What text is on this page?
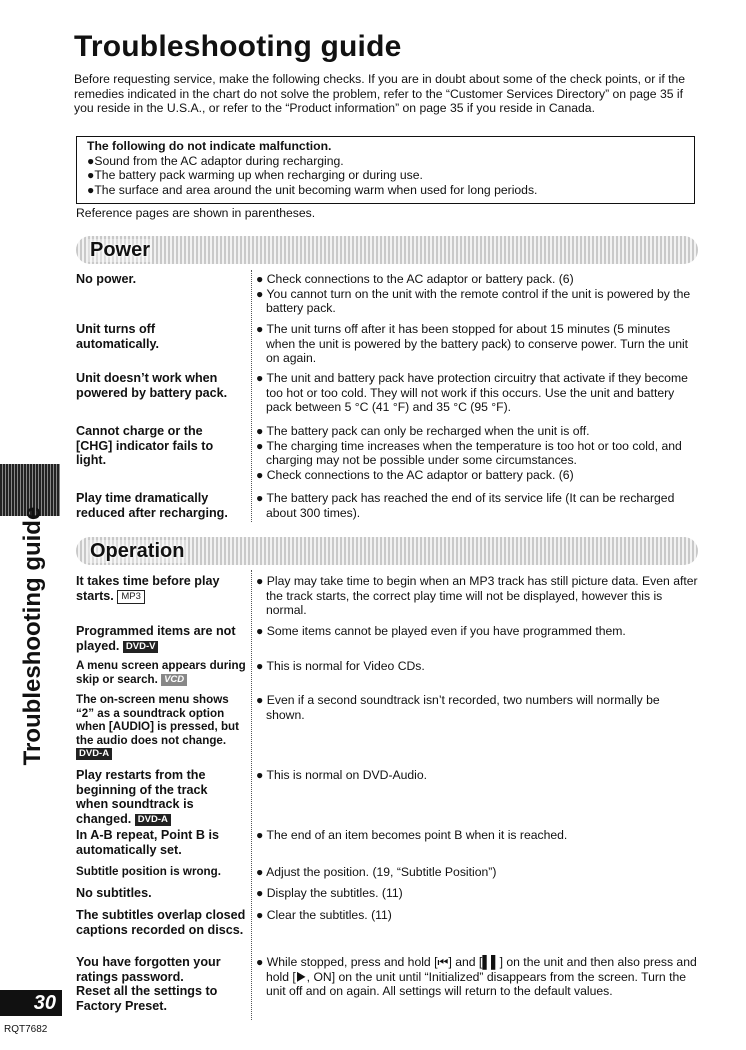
Troubleshooting guide
Before requesting service, make the following checks. If you are in doubt about some of the check points, or if the remedies indicated in the chart do not solve the problem, refer to the “Customer Services Directory” on page 35 if you reside in the U.S.A., or refer to the “Product information” on page 35 if you reside in Canada.
The following do not indicate malfunction.
●Sound from the AC adaptor during recharging.
●The battery pack warming up when recharging or during use.
●The surface and area around the unit becoming warm when used for long periods.
Reference pages are shown in parentheses.
Power
No power.	● Check connections to the AC adaptor or battery pack. (6)
● You cannot turn on the unit with the remote control if the unit is powered by the battery pack.
Unit turns off automatically.
● The unit turns off after it has been stopped for about 15 minutes (5 minutes when the unit is powered by the battery pack) to conserve power. Turn the unit on again.
Unit doesn’t work when powered by battery pack.
● The unit and battery pack have protection circuitry that activate if they become too hot or too cold. They will not work if this occurs. Use the unit and battery pack between 5 °C (41 °F) and 35 °C (95 °F).
Cannot charge or the [CHG] indicator fails to light.
● The battery pack can only be recharged when the unit is off.
● The charging time increases when the temperature is too hot or too cold, and charging may not be possible under some circumstances.
● Check connections to the AC adaptor or battery pack. (6)
Play time dramatically reduced after recharging.
● The battery pack has reached the end of its service life (It can be recharged about 300 times).
Operation
It takes time before play starts. MP3
● Play may take time to begin when an MP3 track has still picture data. Even after the track starts, the correct play time will not be displayed, however this is normal.
Programmed items are not played. DVD-V
● Some items cannot be played even if you have programmed them.
A menu screen appears during skip or search. VCD
● This is normal for Video CDs.
The on-screen menu shows “2” as a soundtrack option when [AUDIO] is pressed, but the audio does not change. DVD-A
● Even if a second soundtrack isn’t recorded, two numbers will normally be shown.
Play restarts from the beginning of the track when soundtrack is changed. DVD-A
● This is normal on DVD-Audio.
In A-B repeat, Point B is automatically set.
● The end of an item becomes point B when it is reached.
Subtitle position is wrong.	● Adjust the position. (19, “Subtitle Position”)
No subtitles.	● Display the subtitles. (11)
The subtitles overlap closed captions recorded on discs.
● Clear the subtitles. (11)
You have forgotten your ratings password.
Reset all the settings to Factory Preset.
● While stopped, press and hold [⏮] and [▌▌] on the unit and then also press and hold [▶, ON] on the unit until “Initialized” disappears from the screen. Turn the unit off and on again. All settings will return to the default values.
Troubleshooting guide
30
RQT7682
